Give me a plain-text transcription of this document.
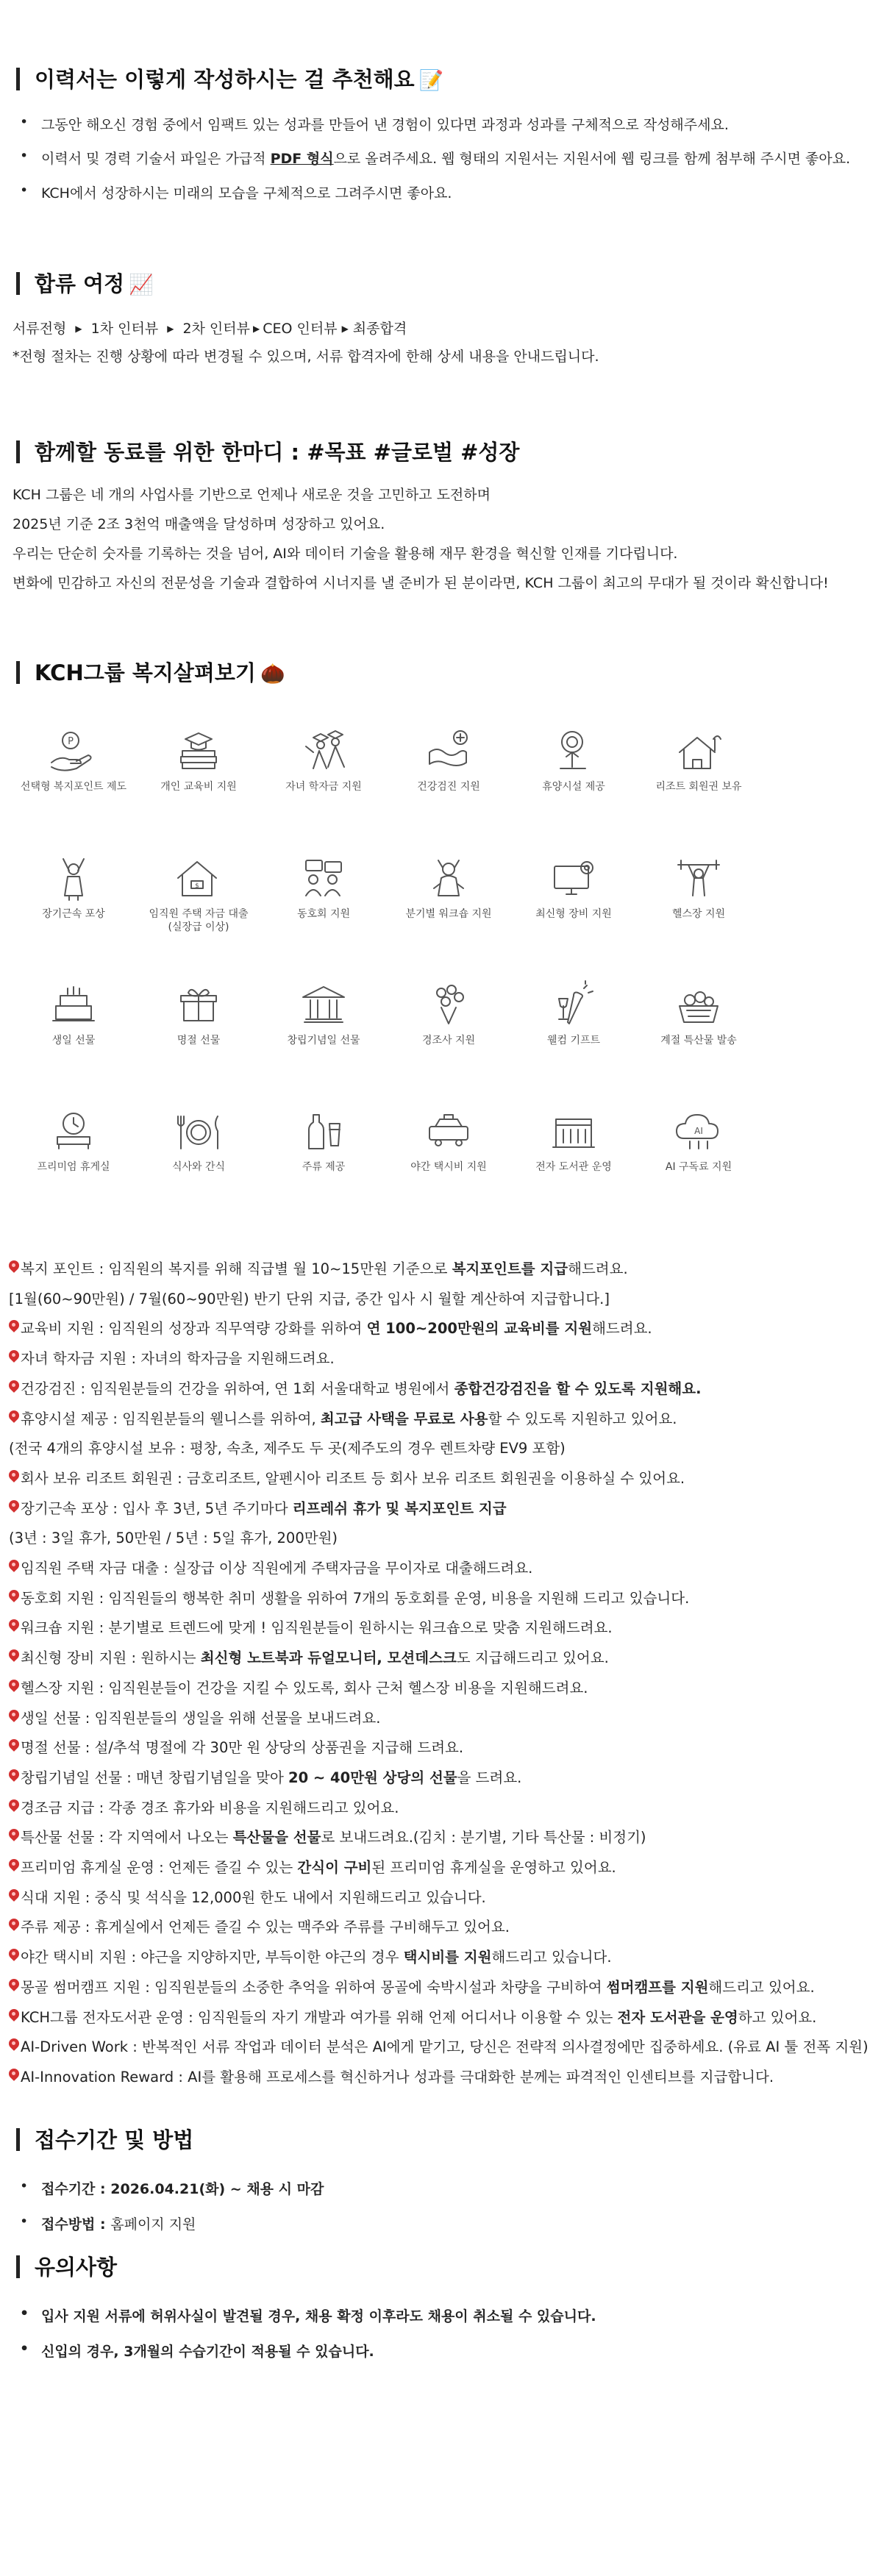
이력서는 이렇게 작성하시는 걸 추천해요 📝
• 그동안 해오신 경험 중에서 임팩트 있는 성과를 만들어 낸 경험이 있다면 과정과 성과를 구체적으로 작성해주세요.
• 이력서 및 경력 기술서 파일은 가급적 PDF 형식으로 올려주세요. 웹 형태의 지원서는 지원서에 웹 링크를 함께 첨부해 주시면 좋아요.
• KCH에서 성장하시는 미래의 모습을 구체적으로 그려주시면 좋아요.
합류 여정 📈
서류전형 ▶ 1차 인터뷰 ▶ 2차 인터뷰 ▶ CEO 인터뷰 ▶ 최종합격
*전형 절차는 진행 상황에 따라 변경될 수 있으며, 서류 합격자에 한해 상세 내용을 안내드립니다.
함께할 동료를 위한 한마디 : #목표 #글로벌 #성장
KCH 그룹은 네 개의 사업사를 기반으로 언제나 새로운 것을 고민하고 도전하며
2025년 기준 2조 3천억 매출액을 달성하며 성장하고 있어요.
우리는 단순히 숫자를 기록하는 것을 넘어, AI와 데이터 기술을 활용해 재무 환경을 혁신할 인재를 기다립니다.
변화에 민감하고 자신의 전문성을 기술과 결합하여 시너지를 낼 준비가 된 분이라면, KCH 그룹이 최고의 무대가 될 것이라 확신합니다!
KCH그룹 복지살펴보기 🌰
P
선택형 복지포인트 제도	개인 교육비 지원	자녀 학자금 지원	건강검진 지원	휴양시설 제공	리조트 회원권 보유
장기근속 포상
$
임직원 주택 자금 대출
(실장급 이상)
동호회 지원	분기별 워크숍 지원	최신형 장비 지원	헬스장 지원
생일 선물	명절 선물	창립기념일 선물	경조사 지원	웰컴 기프트	계절 특산물 발송
프리미엄 휴게실	식사와 간식	주류 제공	야간 택시비 지원	전자 도서관 운영
AI
AI 구독료 지원
복지 포인트 : 임직원의 복지를 위해 직급별 월 10~15만원 기준으로 복지포인트를 지급해드려요.
[1월(60~90만원) / 7월(60~90만원) 반기 단위 지급, 중간 입사 시 월할 계산하여 지급합니다.]
교육비 지원 : 임직원의 성장과 직무역량 강화를 위하여 연 100~200만원의 교육비를 지원해드려요.
자녀 학자금 지원 : 자녀의 학자금을 지원해드려요.
건강검진 : 임직원분들의 건강을 위하여, 연 1회 서울대학교 병원에서 종합건강검진을 할 수 있도록 지원해요.
휴양시설 제공 : 임직원분들의 웰니스를 위하여, 최고급 사택을 무료로 사용할 수 있도록 지원하고 있어요.
(전국 4개의 휴양시설 보유 : 평창, 속초, 제주도 두 곳(제주도의 경우 렌트차량 EV9 포함)
회사 보유 리조트 회원권 : 금호리조트, 알펜시아 리조트 등 회사 보유 리조트 회원권을 이용하실 수 있어요.
장기근속 포상 : 입사 후 3년, 5년 주기마다 리프레쉬 휴가 및 복지포인트 지급
(3년 : 3일 휴가, 50만원 / 5년 : 5일 휴가, 200만원)
임직원 주택 자금 대출 : 실장급 이상 직원에게 주택자금을 무이자로 대출해드려요.
동호회 지원 : 임직원들의 행복한 취미 생활을 위하여 7개의 동호회를 운영, 비용을 지원해 드리고 있습니다.
워크숍 지원 : 분기별로 트렌드에 맞게 ! 임직원분들이 원하시는 워크숍으로 맞춤 지원해드려요.
최신형 장비 지원 : 원하시는 최신형 노트북과 듀얼모니터, 모션데스크도 지급해드리고 있어요.
헬스장 지원 : 임직원분들이 건강을 지킬 수 있도록, 회사 근처 헬스장 비용을 지원해드려요.
생일 선물 : 임직원분들의 생일을 위해 선물을 보내드려요.
명절 선물 : 설/추석 명절에 각 30만 원 상당의 상품권을 지급해 드려요.
창립기념일 선물 : 매년 창립기념일을 맞아 20 ~ 40만원 상당의 선물을 드려요.
경조금 지급 : 각종 경조 휴가와 비용을 지원해드리고 있어요.
특산물 선물 : 각 지역에서 나오는 특산물을 선물로 보내드려요.(김치 : 분기별, 기타 특산물 : 비정기)
프리미엄 휴게실 운영 : 언제든 즐길 수 있는 간식이 구비된 프리미엄 휴게실을 운영하고 있어요.
식대 지원 : 중식 및 석식을 12,000원 한도 내에서 지원해드리고 있습니다.
주류 제공 : 휴게실에서 언제든 즐길 수 있는 맥주와 주류를 구비해두고 있어요.
야간 택시비 지원 : 야근을 지양하지만, 부득이한 야근의 경우 택시비를 지원해드리고 있습니다.
몽골 썸머캠프 지원 : 임직원분들의 소중한 추억을 위하여 몽골에 숙박시설과 차량을 구비하여 썸머캠프를 지원해드리고 있어요.
KCH그룹 전자도서관 운영 : 임직원들의 자기 개발과 여가를 위해 언제 어디서나 이용할 수 있는 전자 도서관을 운영하고 있어요.
AI-Driven Work : 반복적인 서류 작업과 데이터 분석은 AI에게 맡기고, 당신은 전략적 의사결정에만 집중하세요. (유료 AI 툴 전폭 지원)
AI-Innovation Reward : AI를 활용해 프로세스를 혁신하거나 성과를 극대화한 분께는 파격적인 인센티브를 지급합니다.
접수기간 및 방법
• 접수기간 : 2026.04.21(화) ~ 채용 시 마감
• 접수방법 : 홈페이지 지원
유의사항
• 입사 지원 서류에 허위사실이 발견될 경우, 채용 확정 이후라도 채용이 취소될 수 있습니다.
• 신입의 경우, 3개월의 수습기간이 적용될 수 있습니다.
